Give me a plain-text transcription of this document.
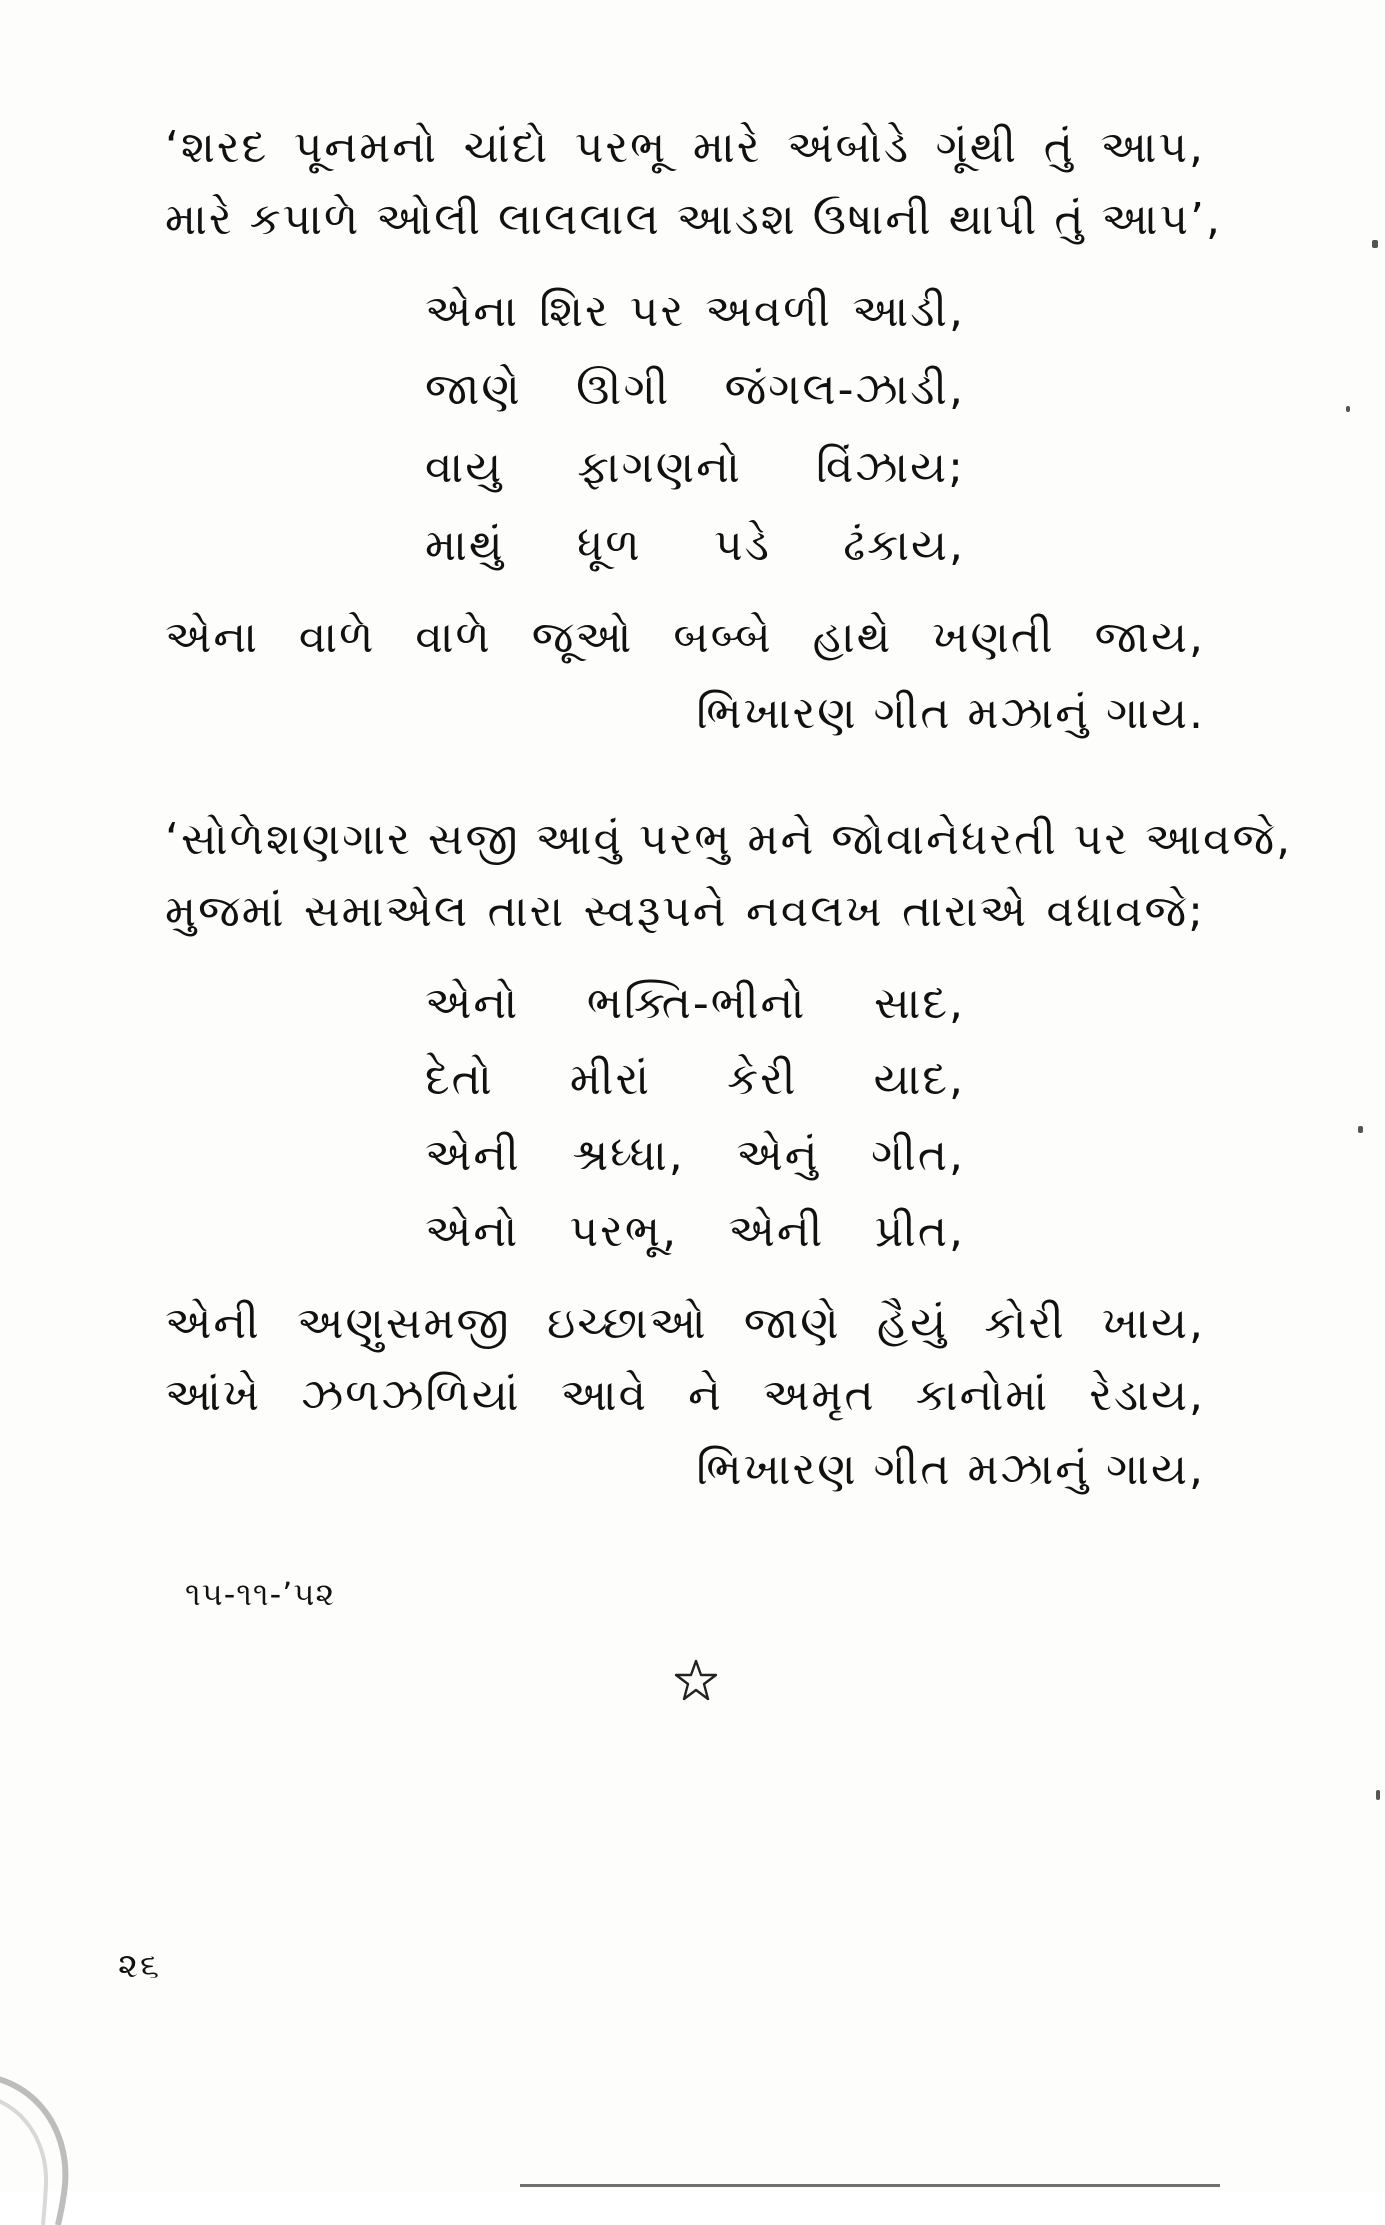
‘શરદ પૂનમનો ચાંદો પરભૂ મારે અંબોડે ગૂંથી તું આપ,
મારે કપાળે ઓલી લાલલાલ આડશ ઉષાની થાપી તું આપ’,
એના શિર પર અવળી આડી,
જાણે ઊગી જંગલ-ઝાડી,
વાયુ ફાગણનો વિંઝાય;
માથું ધૂળ પડે ઢંકાય,
એના વાળે વાળે જૂઓ બબ્બે હાથે ખણતી જાય,
ભિખારણ ગીત મઝાનું ગાય.
‘સોળેશણગાર સજી આવું પરભુ મને જોવાનેધરતી પર આવજે,
મુજમાં સમાએલ તારા સ્વરૂપને નવલખ તારાએ વધાવજે;
એનો ભક્તિ-ભીનો સાદ,
દેતો મીરાં કેરી યાદ,
એની શ્રધ્ધા, એનું ગીત,
એનો પરભૂ, એની પ્રીત,
એની અણુસમજી ઇચ્છાઓ જાણે હૈયું કોરી ખાય,
આંખે ઝળઝળિયાં આવે ને અમૃત કાનોમાં રેડાય,
ભિખારણ ગીત મઝાનું ગાય,
૧૫-૧૧-’૫૨
૨૬
